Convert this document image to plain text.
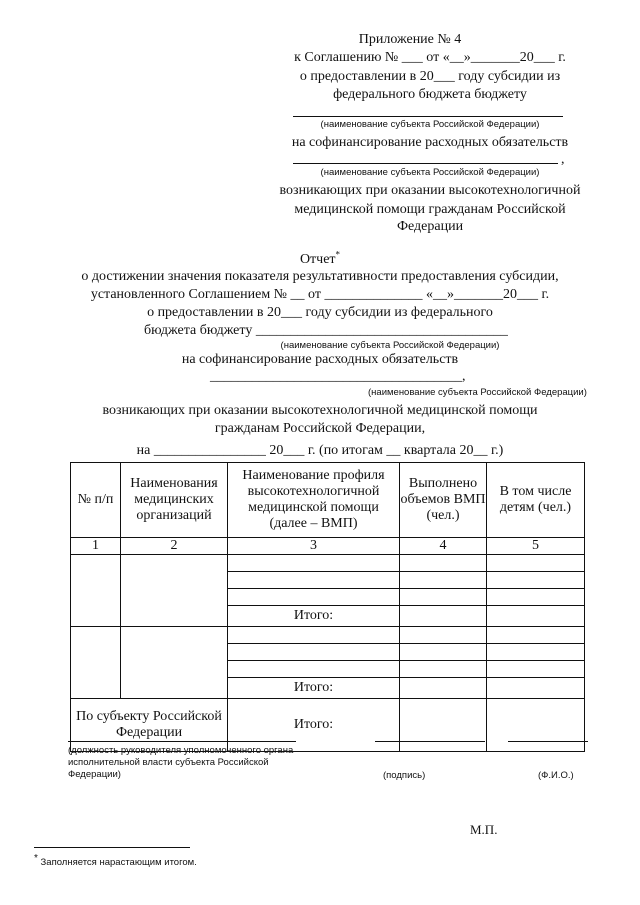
Приложение № 4
к Соглашению № ___ от «__»_______20___ г.
о предоставлении в 20___ году субсидии из
федерального бюджета бюджету
(наименование субъекта Российской Федерации)
на софинансирование расходных обязательств
,
(наименование субъекта Российской Федерации)
возникающих при оказании высокотехнологичной
медицинской помощи гражданам Российской
Федерации
Отчет*
о достижении значения показателя результативности предоставления субсидии,
установленного Соглашением № __ от ______________ «__»_______20___ г.
о предоставлении в 20___ году субсидии из федерального
бюджета бюджету ____________________________________
(наименование субъекта Российской Федерации)
на софинансирование расходных обязательств
____________________________________,
(наименование субъекта Российской Федерации)
возникающих при оказании высокотехнологичной медицинской помощи
гражданам Российской Федерации,
на ________________ 20___ г. (по итогам __ квартала 20__ г.)
№ п/п	Наименования медицинских организаций	Наименование профиля высокотехнологичной медицинской помощи (далее – ВМП)	Выполнено объемов ВМП (чел.)	В том числе детям (чел.)
1	2	3	4	5

		Итого:		

		Итого:		
По субъекту Российской Федерации		Итого:		
(должность руководителя уполномоченного органа исполнительной власти субъекта Российской Федерации)	(подпись)	(Ф.И.О.)
М.П.
* Заполняется нарастающим итогом.
